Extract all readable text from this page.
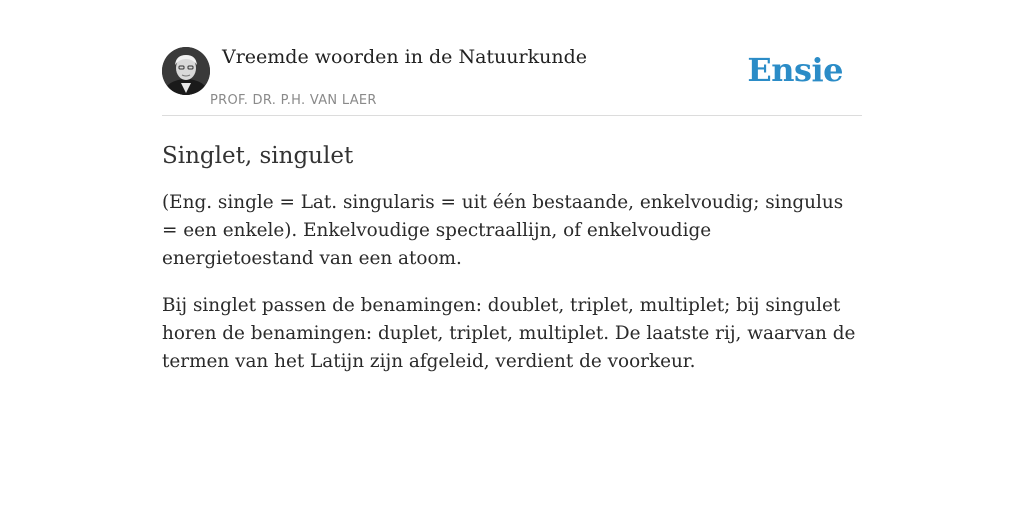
Vreemde woorden in de Natuurkunde
PROF. DR. P.H. VAN LAER
Ensie
Singlet, singulet

(Eng. single = Lat. singularis = uit één bestaande, enkelvoudig; singulus = een enkele). Enkelvoudige spectraallijn, of enkelvoudige energietoestand van een atoom.

Bij singlet passen de benamingen: doublet, triplet, multiplet; bij singulet horen de benamingen: duplet, triplet, multiplet. De laatste rij, waarvan de termen van het Latijn zijn afgeleid, verdient de voorkeur.
